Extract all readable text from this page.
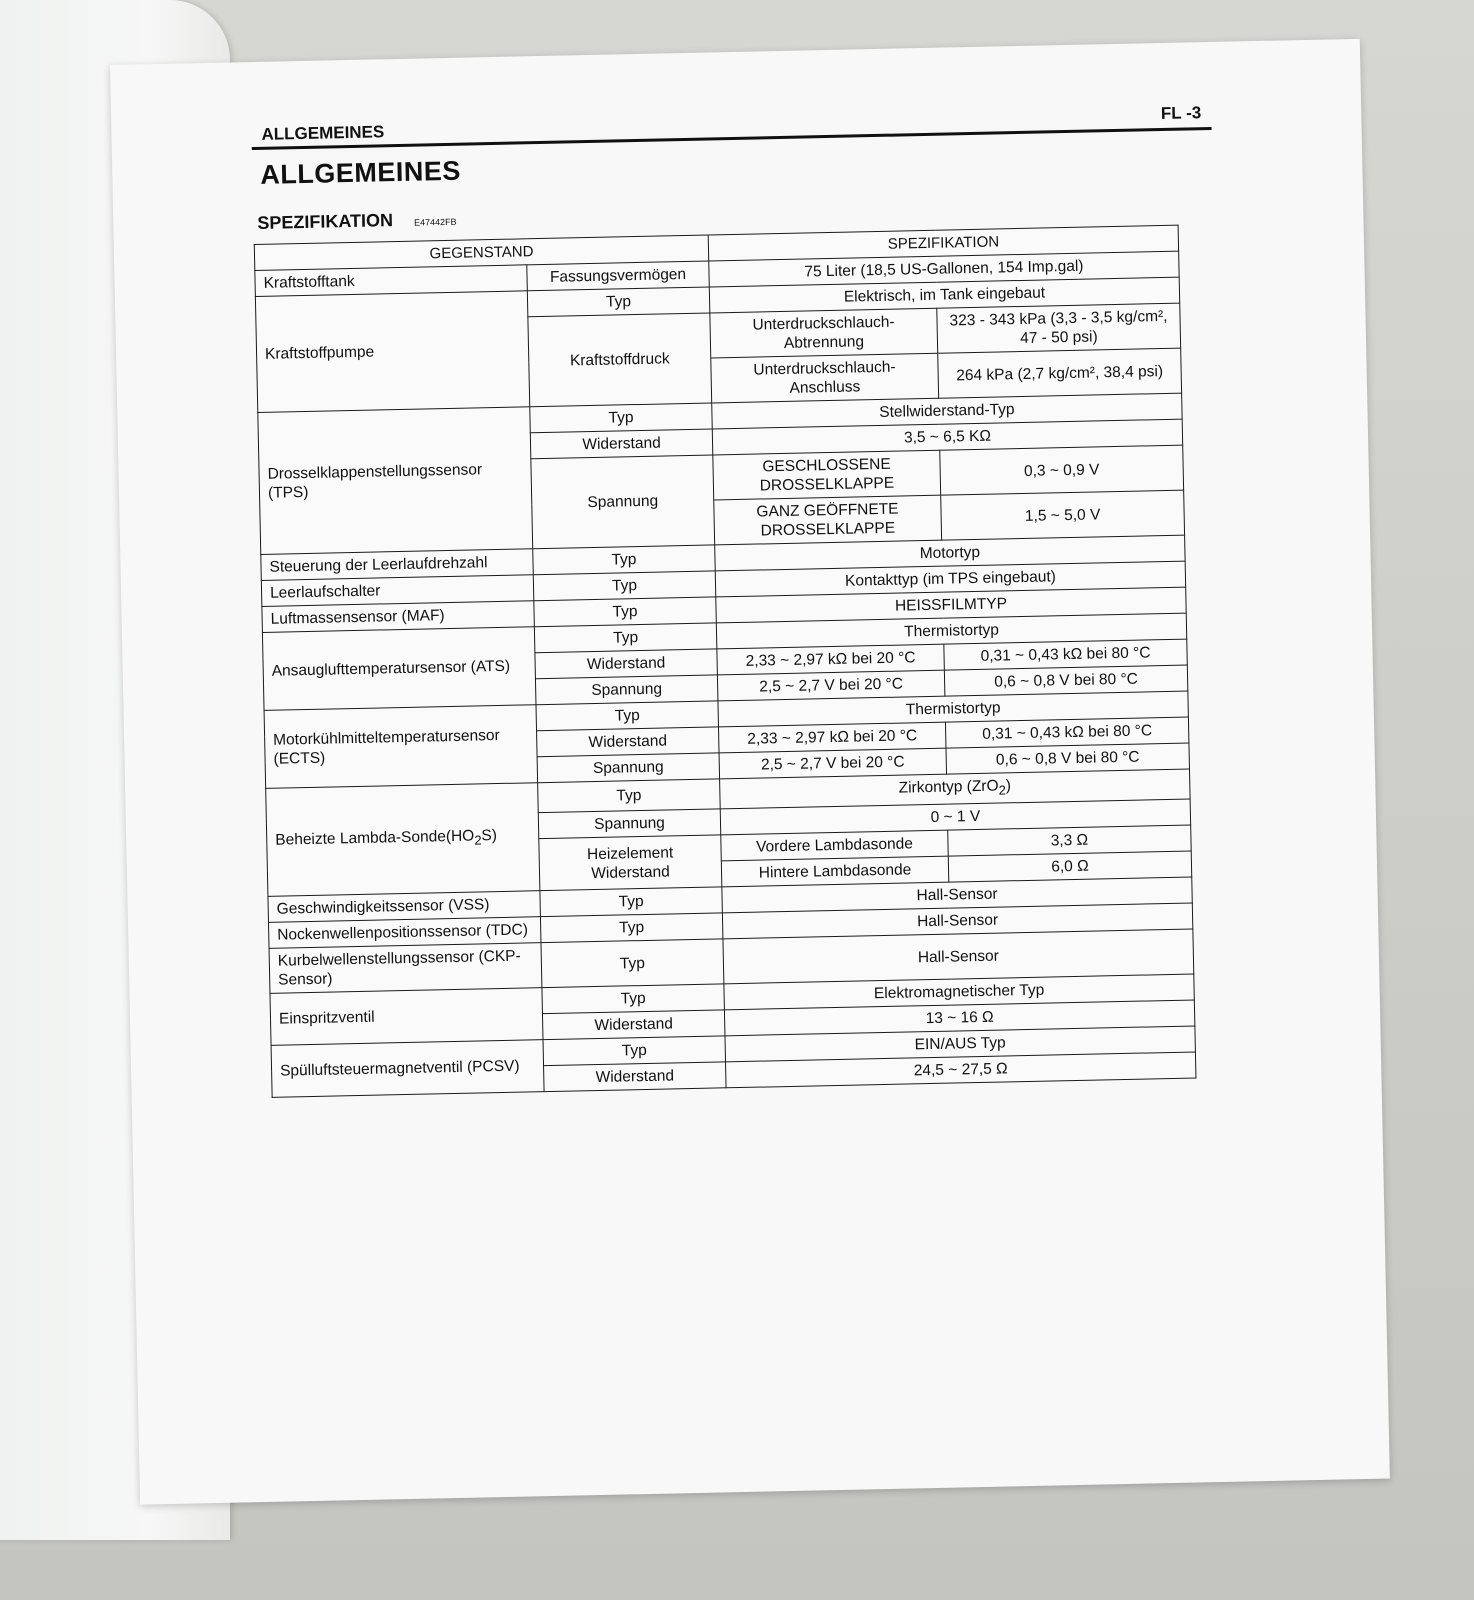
ALLGEMEINES
FL -3
ALLGEMEINES
SPEZIFIKATION E47442FB
GEGENSTAND		SPEZIFIKATION	
Kraftstofftank	Fassungsvermögen	75 Liter (18,5 US-Gallonen, 154 Imp.gal)	
Kraftstoffpumpe	Typ	Elektrisch, im Tank eingebaut	
	Kraftstoffdruck	Unterdruckschlauch-Abtrennung	323 - 343 kPa (3,3 - 3,5 kg/cm², 47 - 50 psi)
		Unterdruckschlauch-Anschluss	264 kPa (2,7 kg/cm², 38,4 psi)
Drosselklappenstellungssensor (TPS)	Typ	Stellwiderstand-Typ	
	Widerstand	3,5 ~ 6,5 KΩ	
	Spannung	GESCHLOSSENE DROSSELKLAPPE	0,3 ~ 0,9 V
		GANZ GEÖFFNETE DROSSELKLAPPE	1,5 ~ 5,0 V
Steuerung der Leerlaufdrehzahl	Typ	Motortyp	
Leerlaufschalter	Typ	Kontakttyp (im TPS eingebaut)	
Luftmassensensor (MAF)	Typ	HEISSFILMTYP	
Ansauglufttemperatursensor (ATS)	Typ	Thermistortyp	
	Widerstand	2,33 ~ 2,97 kΩ bei 20 °C	0,31 ~ 0,43 kΩ bei 80 °C
	Spannung	2,5 ~ 2,7 V bei 20 °C	0,6 ~ 0,8 V bei 80 °C
Motorkühlmitteltemperatursensor (ECTS)	Typ	Thermistortyp	
	Widerstand	2,33 ~ 2,97 kΩ bei 20 °C	0,31 ~ 0,43 kΩ bei 80 °C
	Spannung	2,5 ~ 2,7 V bei 20 °C	0,6 ~ 0,8 V bei 80 °C
Beheizte Lambda-$Sonde(HO_2S)$	Typ	Zirkontyp (ZrO$_2$)	
	Spannung	0 ~ 1 V	
	Heizelement Widerstand	Vordere Lambdasonde	3,3 Ω
		Hintere Lambdasonde	6,0 Ω
Geschwindigkeitssensor (VSS)	Typ	Hall-Sensor	
Nockenwellenpositionssensor (TDC)	Typ	Hall-Sensor	
Kurbelwellenstellungssensor (CKP-Sensor)	Typ	Hall-Sensor	
Einspritzventil	Typ	Elektromagnetischer Typ	
	Widerstand	13 ~ 16 Ω	
Spülluftsteuermagnetventil (PCSV)	Typ	EIN/AUS Typ	
	Widerstand	24,5 ~ 27,5 Ω	
